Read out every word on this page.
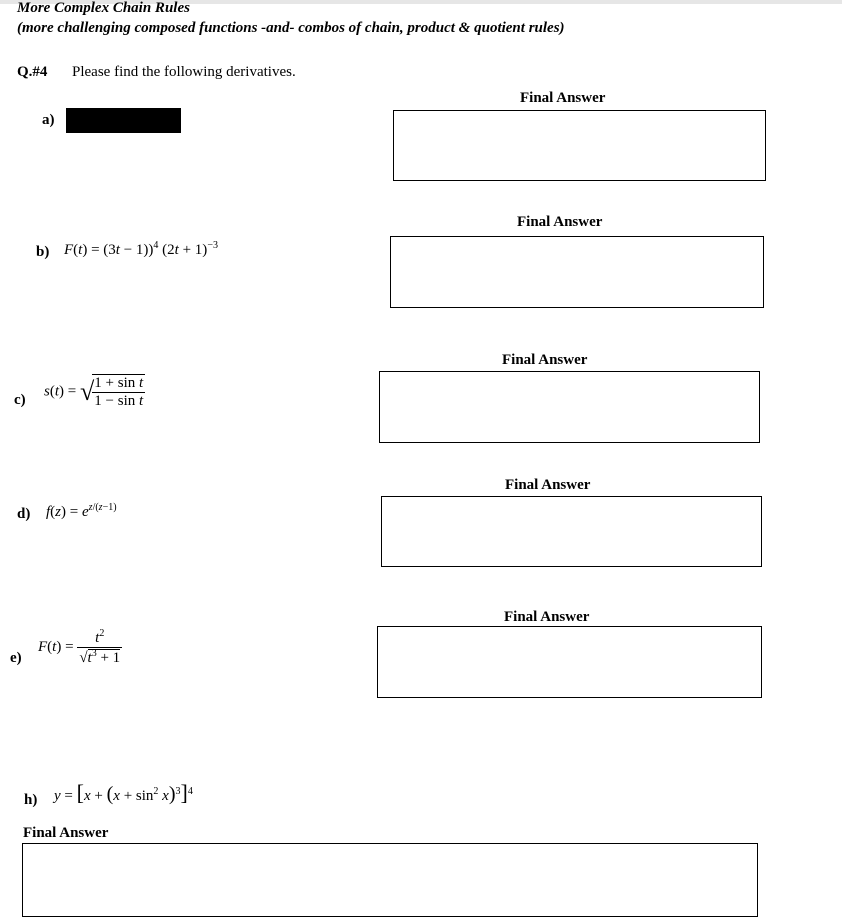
More Complex Chain Rules
(more challenging composed functions -and- combos of chain, product & quotient rules)
Q.#4 Please find the following derivatives.
a)
Final Answer
b) F(t) = (3t − 1))$^4$ $(2t + 1)^{-3}$
Final Answer
c)
s(t) = √
$\frac{\text{1 + sin t}}{\text{1 − sin t}}$
Final Answer
d) $f(z) = e^{z/(z-1)}$
Final Answer
e)
$F(t) = \frac{t^2}{√t^3 + 1}$
Final Answer
h) $y = [x + (x + \sin^2 x)^3]^4$
Final Answer
